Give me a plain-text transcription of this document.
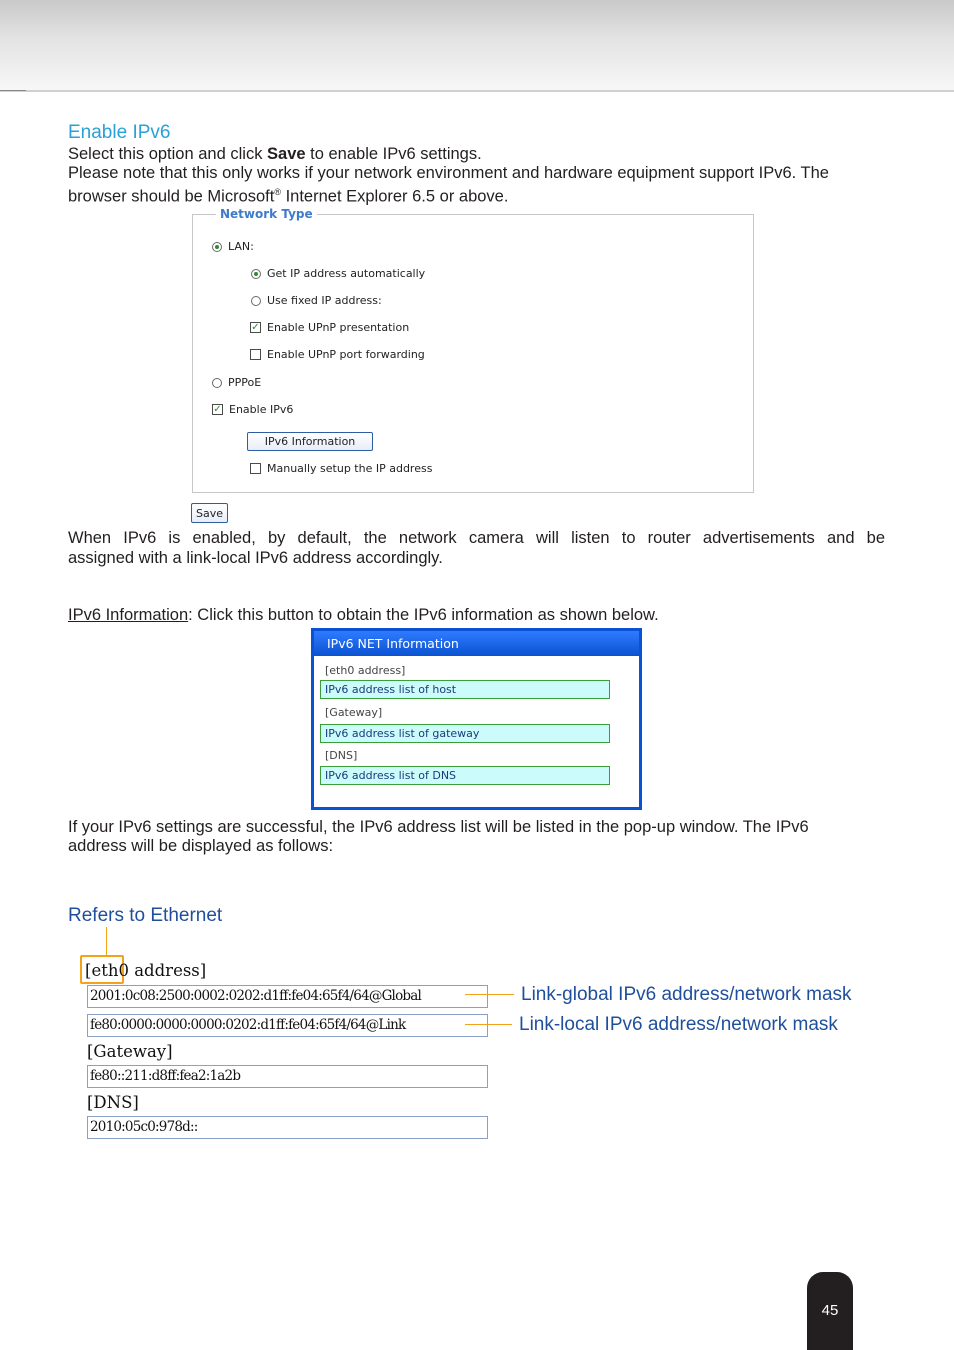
Enable IPv6

Select this option and click Save to enable IPv6 settings.

Please note that this only works if your network environment and hardware equipment support IPv6. The

browser should be Microsoft® Internet Explorer 6.5 or above.

Network Type
LAN:
Get IP address automatically
Use fixed IP address:
✓ Enable UPnP presentation
Enable UPnP port forwarding
PPPoE
✓ Enable IPv6
IPv6 Information
Manually setup the IP address
Save

When IPv6 is enabled, by default, the network camera will listen to router advertisements and be

assigned with a link-local IPv6 address accordingly.

IPv6 Information: Click this button to obtain the IPv6 information as shown below.

IPv6 NET Information
[eth0 address]
IPv6 address list of host
[Gateway]
IPv6 address list of gateway
[DNS]
IPv6 address list of DNS

If your IPv6 settings are successful, the IPv6 address list will be listed in the pop-up window. The IPv6

address will be displayed as follows:

Refers to Ethernet
[eth0 address]
2001:0c08:2500:0002:0202:d1ff:fe04:65f4/64@Global	Link-global IPv6 address/network mask
fe80:0000:0000:0000:0202:d1ff:fe04:65f4/64@Link	Link-local IPv6 address/network mask
[Gateway]
fe80::211:d8ff:fea2:1a2b
[DNS]
2010:05c0:978d::
45
